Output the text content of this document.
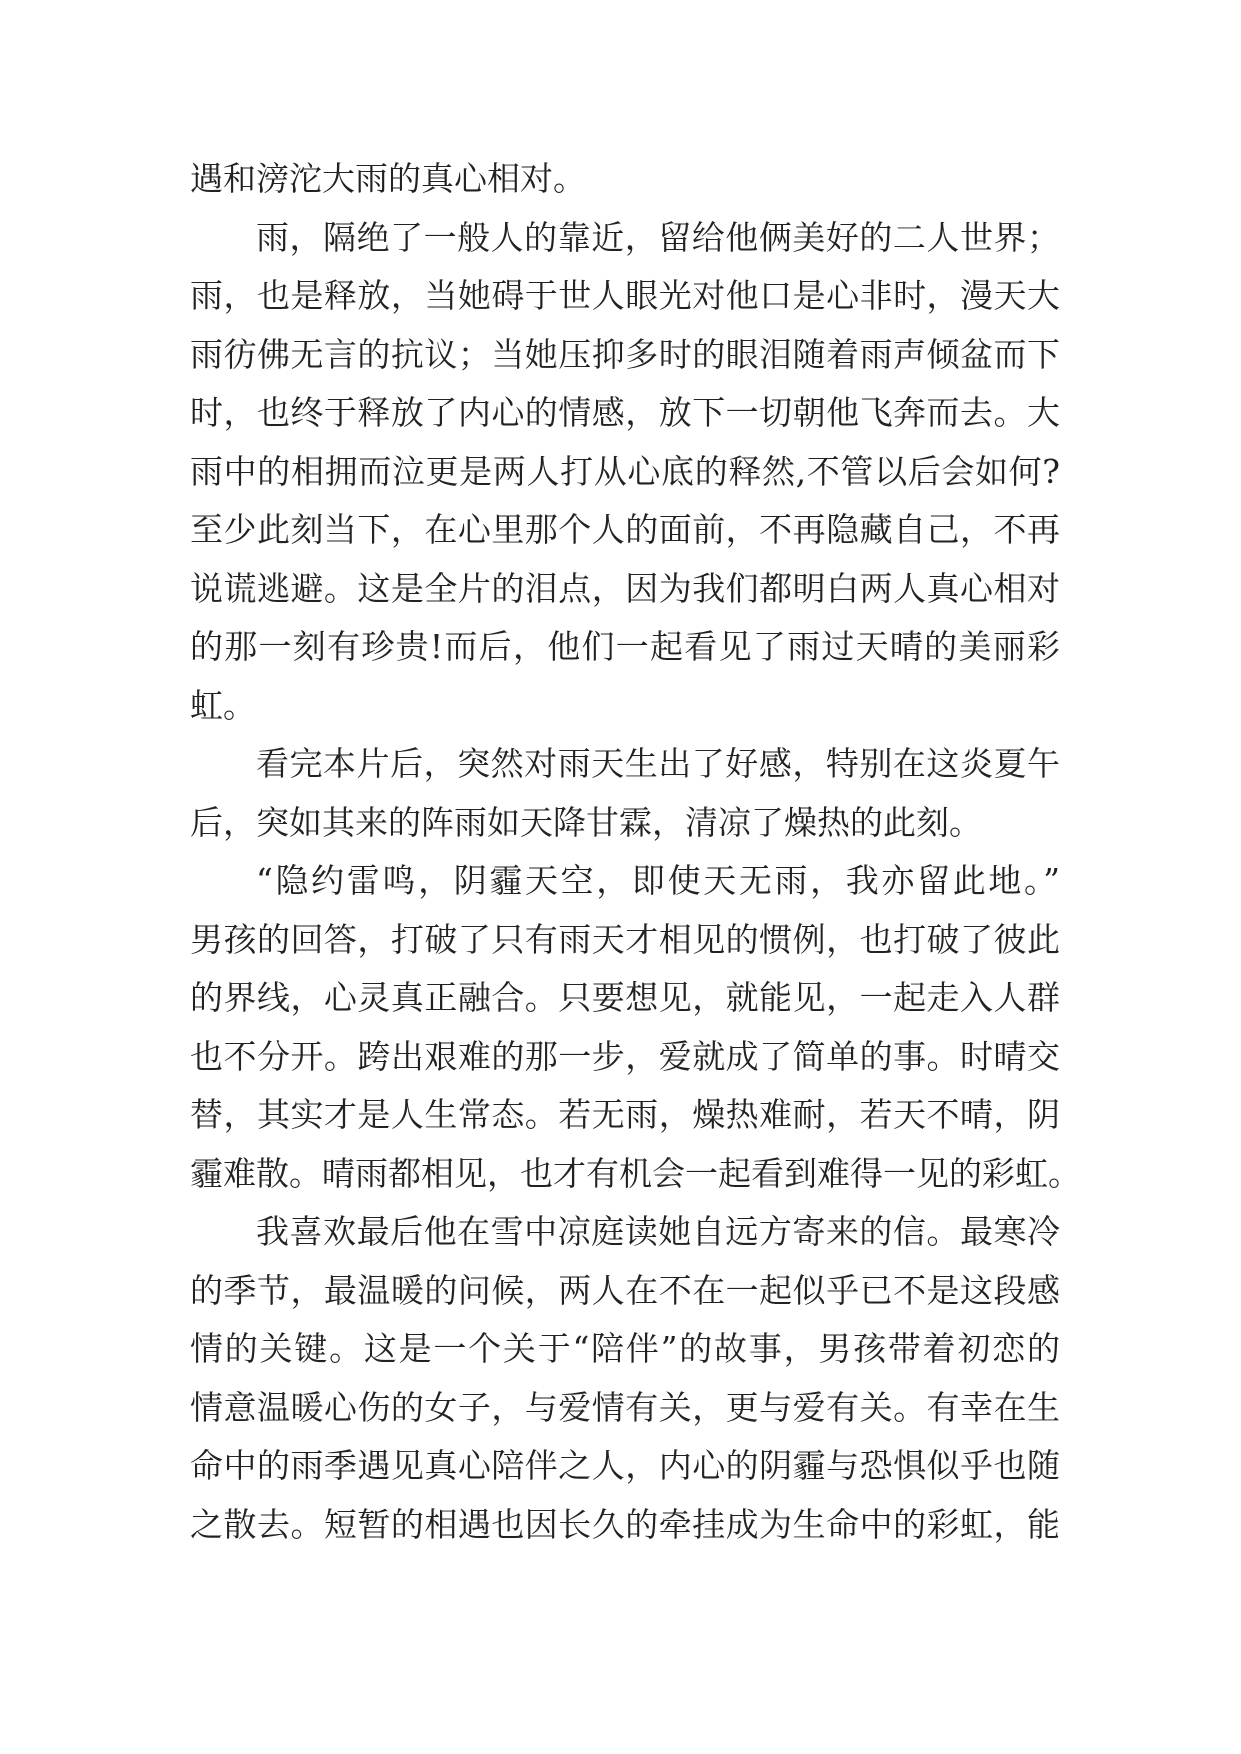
遇和滂沱大雨的真心相对。
雨，隔绝了一般人的靠近，留给他俩美好的二人世界；
雨，也是释放，当她碍于世人眼光对他口是心非时，漫天大
雨彷佛无言的抗议；当她压抑多时的眼泪随着雨声倾盆而下
时，也终于释放了内心的情感，放下一切朝他飞奔而去。大
雨中的相拥而泣更是两人打从心底的释然,不管以后会如何?
至少此刻当下，在心里那个人的面前，不再隐藏自己，不再
说谎逃避。这是全片的泪点，因为我们都明白两人真心相对
的那一刻有珍贵!而后，他们一起看见了雨过天晴的美丽彩
虹。
看完本片后，突然对雨天生出了好感，特别在这炎夏午
后，突如其来的阵雨如天降甘霖，清凉了燥热的此刻。
“隐约雷鸣，阴霾天空，即使天无雨，我亦留此地。”
男孩的回答，打破了只有雨天才相见的惯例，也打破了彼此
的界线，心灵真正融合。只要想见，就能见，一起走入人群
也不分开。跨出艰难的那一步，爱就成了简单的事。时晴交
替，其实才是人生常态。若无雨，燥热难耐，若天不晴，阴
霾难散。晴雨都相见，也才有机会一起看到难得一见的彩虹。
我喜欢最后他在雪中凉庭读她自远方寄来的信。最寒冷
的季节，最温暖的问候，两人在不在一起似乎已不是这段感
情的关键。这是一个关于“陪伴”的故事，男孩带着初恋的
情意温暖心伤的女子，与爱情有关，更与爱有关。有幸在生
命中的雨季遇见真心陪伴之人，内心的阴霾与恐惧似乎也随
之散去。短暂的相遇也因长久的牵挂成为生命中的彩虹，能
